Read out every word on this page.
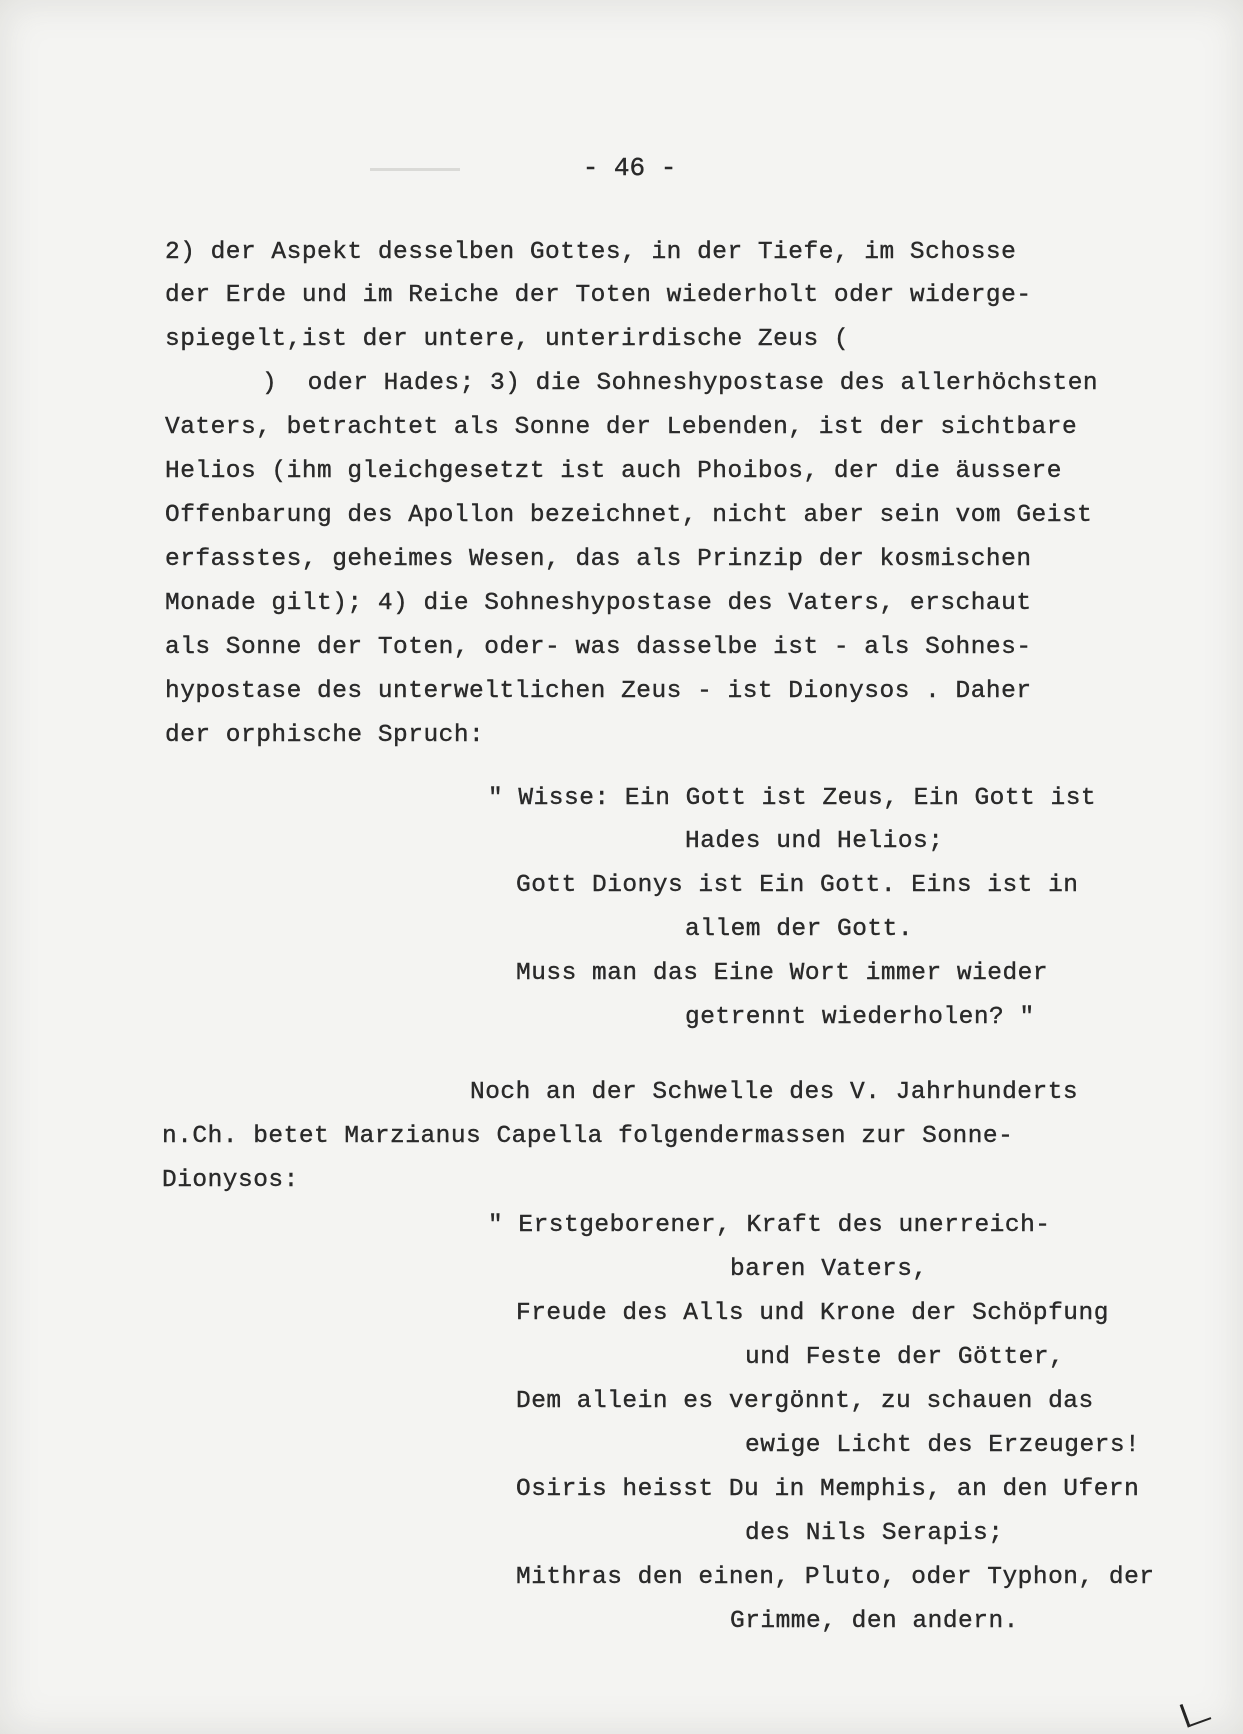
- 46 -
2) der Aspekt desselben Gottes, in der Tiefe, im Schosse
der Erde und im Reiche der Toten wiederholt oder widerge-
spiegelt,ist der untere, unterirdische Zeus (
)  oder Hades; 3) die Sohneshypostase des allerhöchsten
Vaters, betrachtet als Sonne der Lebenden, ist der sichtbare
Helios (ihm gleichgesetzt ist auch Phoibos, der die äussere
Offenbarung des Apollon bezeichnet, nicht aber sein vom Geist
erfasstes, geheimes Wesen, das als Prinzip der kosmischen
Monade gilt); 4) die Sohneshypostase des Vaters, erschaut
als Sonne der Toten, oder- was dasselbe ist - als Sohnes-
hypostase des unterweltlichen Zeus - ist Dionysos . Daher
der orphische Spruch:
" Wisse: Ein Gott ist Zeus, Ein Gott ist
Hades und Helios;
Gott Dionys ist Ein Gott. Eins ist in
allem der Gott.
Muss man das Eine Wort immer wieder
getrennt wiederholen? "
Noch an der Schwelle des V. Jahrhunderts
n.Ch. betet Marzianus Capella folgendermassen zur Sonne-
Dionysos:
" Erstgeborener, Kraft des unerreich-
baren Vaters,
Freude des Alls und Krone der Schöpfung
und Feste der Götter,
Dem allein es vergönnt, zu schauen das
ewige Licht des Erzeugers!
Osiris heisst Du in Memphis, an den Ufern
des Nils Serapis;
Mithras den einen, Pluto, oder Typhon, der
Grimme, den andern.
